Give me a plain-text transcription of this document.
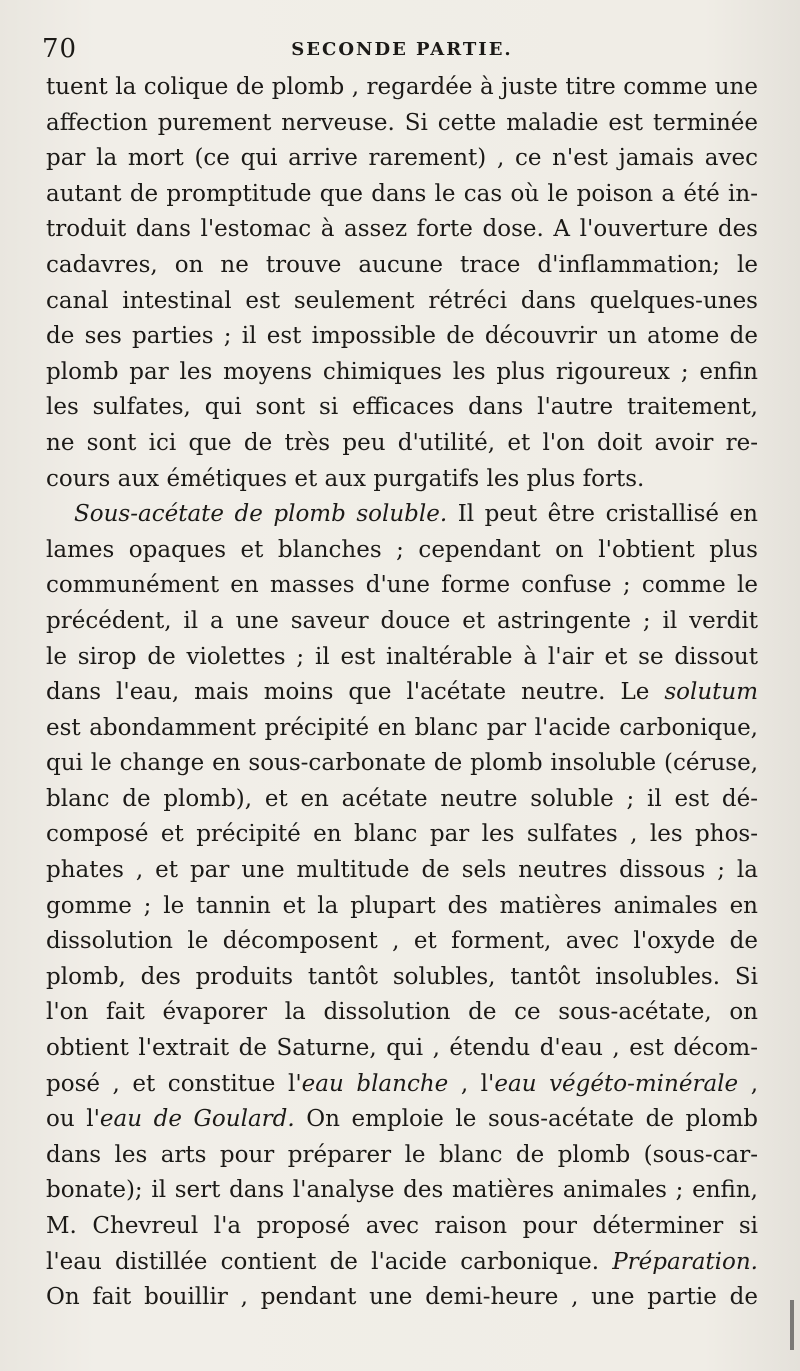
70	SECONDE PARTIE.
tuent la colique de plomb , regardée à juste titre comme une
affection purement nerveuse. Si cette maladie est terminée
par la mort (ce qui arrive rarement) , ce n'est jamais avec
autant de promptitude que dans le cas où le poison a été in-
troduit dans l'estomac à assez forte dose. A l'ouverture des
cadavres, on ne trouve aucune trace d'inflammation; le
canal intestinal est seulement rétréci dans quelques-unes
de ses parties ; il est impossible de découvrir un atome de
plomb par les moyens chimiques les plus rigoureux ; enfin
les sulfates, qui sont si efficaces dans l'autre traitement,
ne sont ici que de très peu d'utilité, et l'on doit avoir re-
cours aux émétiques et aux purgatifs les plus forts.
Sous-acétate de plomb soluble. Il peut être cristallisé en
lames opaques et blanches ; cependant on l'obtient plus
communément en masses d'une forme confuse ; comme le
précédent, il a une saveur douce et astringente ; il verdit
le sirop de violettes ; il est inaltérable à l'air et se dissout
dans l'eau, mais moins que l'acétate neutre. Le solutum
est abondamment précipité en blanc par l'acide carbonique,
qui le change en sous-carbonate de plomb insoluble (céruse,
blanc de plomb), et en acétate neutre soluble ; il est dé-
composé et précipité en blanc par les sulfates , les phos-
phates , et par une multitude de sels neutres dissous ; la
gomme ; le tannin et la plupart des matières animales en
dissolution le décomposent , et forment, avec l'oxyde de
plomb, des produits tantôt solubles, tantôt insolubles. Si
l'on fait évaporer la dissolution de ce sous-acétate, on
obtient l'extrait de Saturne, qui , étendu d'eau , est décom-
posé , et constitue l'eau blanche , l'eau végéto-minérale ,
ou l'eau de Goulard. On emploie le sous-acétate de plomb
dans les arts pour préparer le blanc de plomb (sous-car-
bonate); il sert dans l'analyse des matières animales ; enfin,
M. Chevreul l'a proposé avec raison pour déterminer si
l'eau distillée contient de l'acide carbonique. Préparation.
On fait bouillir , pendant une demi-heure , une partie de
